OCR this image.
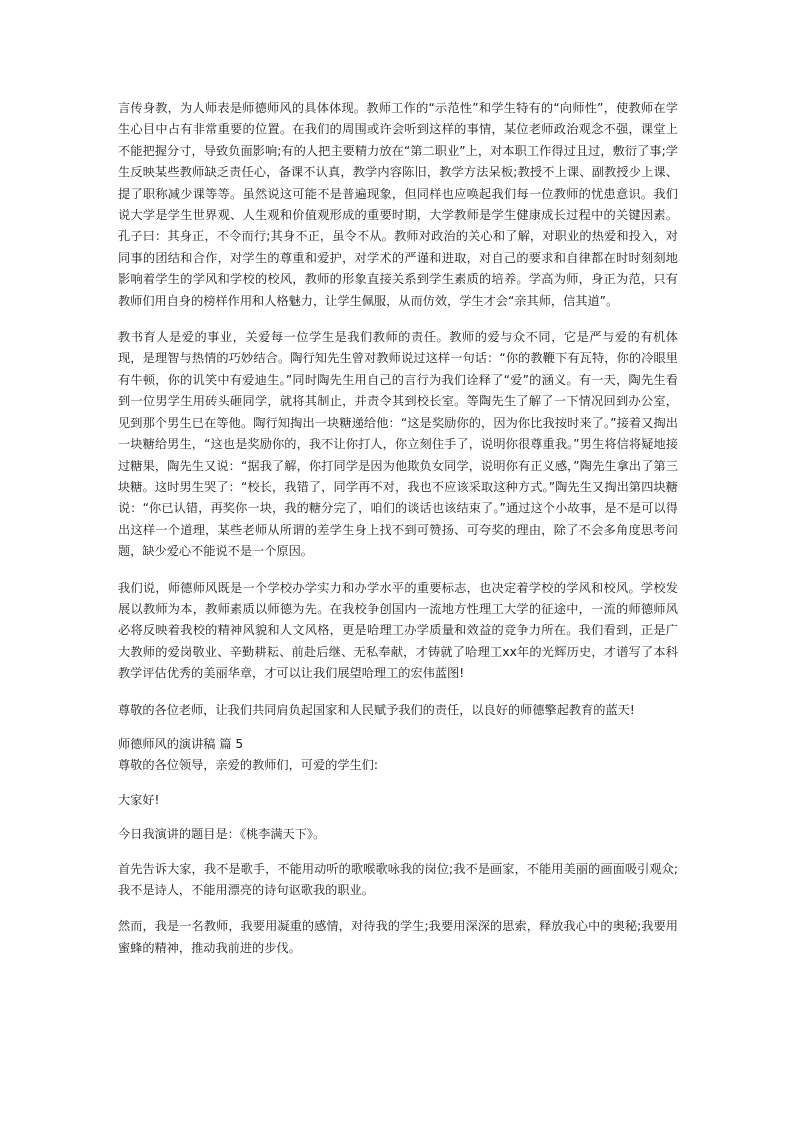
言传身教，为人师表是师德师风的具体体现。教师工作的“示范性”和学生特有的“向师性”，使教师在学生心目中占有非常重要的位置。在我们的周围或许会听到这样的事情，某位老师政治观念不强，课堂上不能把握分寸，导致负面影响;有的人把主要精力放在“第二职业”上，对本职工作得过且过，敷衍了事;学生反映某些教师缺乏责任心，备课不认真，教学内容陈旧，教学方法呆板;教授不上课、副教授少上课、提了职称减少课等等。虽然说这可能不是普遍现象，但同样也应唤起我们每一位教师的忧患意识。我们说大学是学生世界观、人生观和价值观形成的重要时期，大学教师是学生健康成长过程中的关键因素。孔子曰：其身正，不令而行;其身不正，虽令不从。教师对政治的关心和了解，对职业的热爱和投入，对同事的团结和合作，对学生的尊重和爱护，对学术的严谨和进取，对自己的要求和自律都在时时刻刻地影响着学生的学风和学校的校风，教师的形象直接关系到学生素质的培养。学高为师，身正为范，只有教师们用自身的榜样作用和人格魅力，让学生佩服，从而仿效，学生才会“亲其师，信其道”。

教书育人是爱的事业，关爱每一位学生是我们教师的责任。教师的爱与众不同，它是严与爱的有机体现，是理智与热情的巧妙结合。陶行知先生曾对教师说过这样一句话：“你的教鞭下有瓦特，你的冷眼里有牛顿，你的讥笑中有爱迪生。”同时陶先生用自己的言行为我们诠释了“爱”的涵义。有一天，陶先生看到一位男学生用砖头砸同学，就将其制止，并责令其到校长室。等陶先生了解了一下情况回到办公室，见到那个男生已在等他。陶行知掏出一块糖递给他：“这是奖励你的，因为你比我按时来了。”接着又掏出一块糖给男生，“这也是奖励你的，我不让你打人，你立刻住手了，说明你很尊重我。”男生将信将疑地接过糖果，陶先生又说：“据我了解，你打同学是因为他欺负女同学，说明你有正义感，”陶先生拿出了第三块糖。这时男生哭了：“校长，我错了，同学再不对，我也不应该采取这种方式。”陶先生又掏出第四块糖说：“你已认错，再奖你一块，我的糖分完了，咱们的谈话也该结束了。”通过这个小故事，是不是可以得出这样一个道理，某些老师从所谓的差学生身上找不到可赞扬、可夸奖的理由，除了不会多角度思考问题，缺少爱心不能说不是一个原因。

我们说，师德师风既是一个学校办学实力和办学水平的重要标志，也决定着学校的学风和校风。学校发展以教师为本，教师素质以师德为先。在我校争创国内一流地方性理工大学的征途中，一流的师德师风必将反映着我校的精神风貌和人文风格，更是哈理工办学质量和效益的竞争力所在。我们看到，正是广大教师的爱岗敬业、辛勤耕耘、前赴后继、无私奉献，才铸就了哈理工xx年的光辉历史，才谱写了本科教学评估优秀的美丽华章，才可以让我们展望哈理工的宏伟蓝图!

尊敬的各位老师，让我们共同肩负起国家和人民赋予我们的责任，以良好的师德擎起教育的蓝天!

师德师风的演讲稿 篇 5

尊敬的各位领导，亲爱的教师们，可爱的学生们:

大家好!

今日我演讲的题目是：《桃李满天下》。

首先告诉大家，我不是歌手，不能用动听的歌喉歌咏我的岗位;我不是画家，不能用美丽的画面吸引观众;我不是诗人，不能用漂亮的诗句讴歌我的职业。

然而，我是一名教师，我要用凝重的感情，对待我的学生;我要用深深的思索，释放我心中的奥秘;我要用蜜蜂的精神，推动我前进的步伐。
